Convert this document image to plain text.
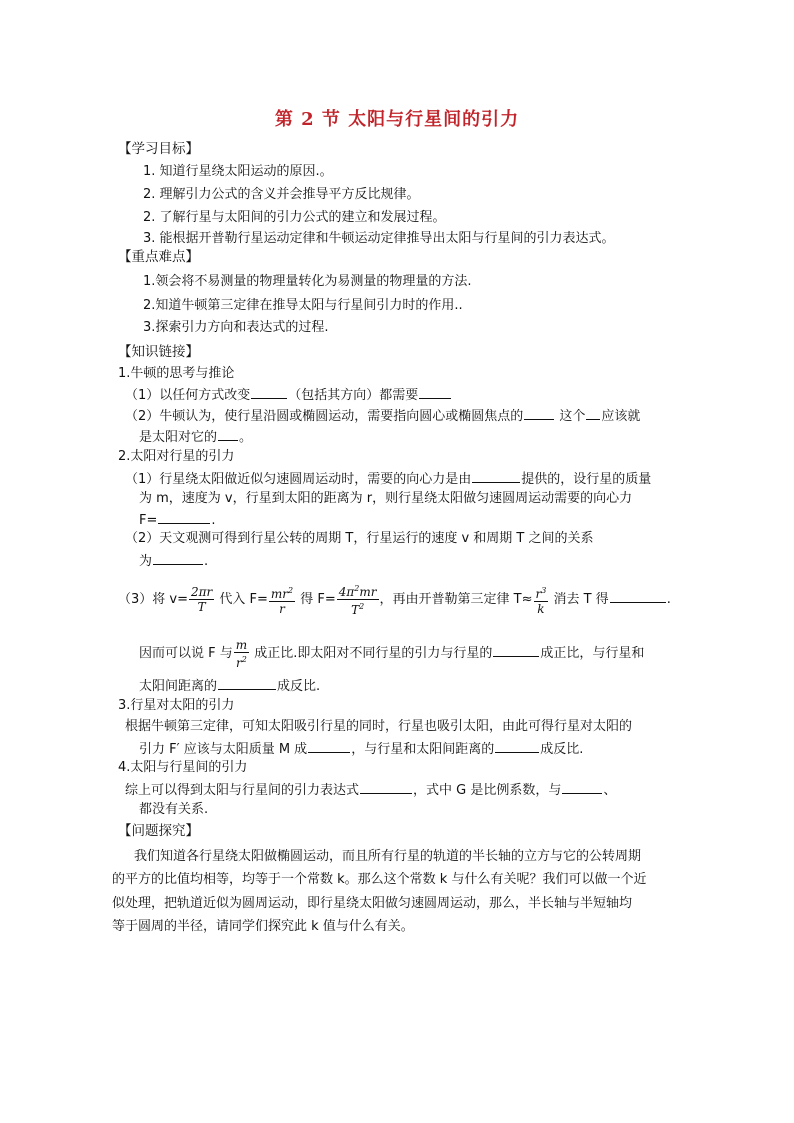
第 2 节 太阳与行星间的引力
【学习目标】
1. 知道行星绕太阳运动的原因.。
2. 理解引力公式的含义并会推导平方反比规律。
2. 了解行星与太阳间的引力公式的建立和发展过程。
3. 能根据开普勒行星运动定律和牛顿运动定律推导出太阳与行星间的引力表达式。
【重点难点】
1.领会将不易测量的物理量转化为易测量的物理量的方法.
2.知道牛顿第三定律在推导太阳与行星间引力时的作用..
3.探索引力方向和表达式的过程.
【知识链接】
1.牛顿的思考与推论
（1）以任何方式改变	（包括其方向）都需要
（2）牛顿认为，使行星沿圆或椭圆运动，需要指向圆心或椭圆焦点的 这个 应该就
是太阳对它的 。
2.太阳对行星的引力
（1）行星绕太阳做近似匀速圆周运动时，需要的向心力是由	提供的，设行星的质量
为 m，速度为 v，行星到太阳的距离为 r，则行星绕太阳做匀速圆周运动需要的向心力
F=	.
（2）天文观测可得到行星公转的周期 T，行星运行的速度 v 和周期 T 之间的关系
为	.
（3）将 $v= \frac{2\pi r}{T}$ 代入 $F= \frac{mr^2}{r}$ 得 $F= \frac{4\pi^2mr}{T^2}$ ，再由开普勒第三定律 $T\approx \frac{r^3}{k}$ 消去 T 得	.
因而可以说 F 与 $\frac{m}{r^2}$ 成正比.即太阳对不同行星的引力与行星的	成正比，与行星和
太阳间距离的	成反比.
3.行星对太阳的引力
根据牛顿第三定律，可知太阳吸引行星的同时，行星也吸引太阳，由此可得行星对太阳的
引力 F′ 应该与太阳质量 M 成	，与行星和太阳间距离的	成反比.
4.太阳与行星间的引力
综上可以得到太阳与行星间的引力表达式	，式中 G 是比例系数，与	、
都没有关系.
【问题探究】
我们知道各行星绕太阳做椭圆运动，而且所有行星的轨道的半长轴的立方与它的公转周期
的平方的比值均相等，均等于一个常数 k。那么这个常数 k 与什么有关呢？我们可以做一个近
似处理，把轨道近似为圆周运动，即行星绕太阳做匀速圆周运动，那么，半长轴与半短轴均
等于圆周的半径，请同学们探究此 k 值与什么有关。
